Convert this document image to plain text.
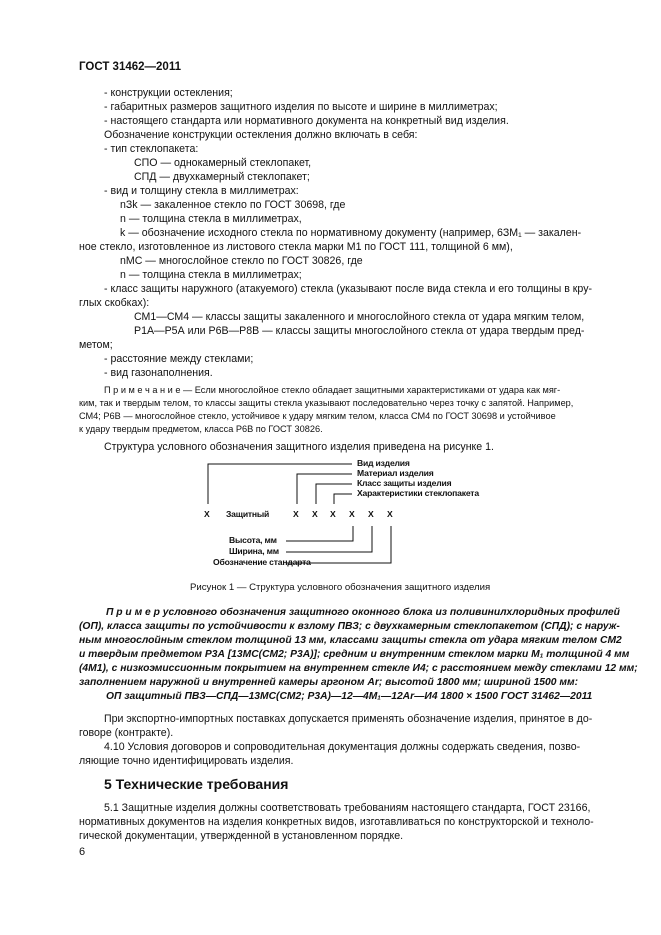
ГОСТ 31462—2011
- конструкции остекления;
- габаритных размеров защитного изделия по высоте и ширине в миллиметрах;
- настоящего стандарта или нормативного документа на конкретный вид изделия.
Обозначение конструкции остекления должно включать в себя:
- тип стеклопакета:
СПО — однокамерный стеклопакет,
СПД — двухкамерный стеклопакет;
- вид и толщину стекла в миллиметрах:
nЗk — закаленное стекло по ГОСТ 30698, где
n — толщина стекла в миллиметрах,
k — обозначение исходного стекла по нормативному документу (например, 6ЗМ₁ — закален-
ное стекло, изготовленное из листового стекла марки М1 по ГОСТ 111, толщиной 6 мм),
nМС — многослойное стекло по ГОСТ 30826, где
n — толщина стекла в миллиметрах;
- класс защиты наружного (атакуемого) стекла (указывают после вида стекла и его толщины в кру-
глых скобках):
СМ1—СМ4 — классы защиты закаленного и многослойного стекла от удара мягким телом,
Р1А—Р5А или Р6В—Р8В — классы защиты многослойного стекла от удара твердым пред-
метом;
- расстояние между стеклами;
- вид газонаполнения.
П р и м е ч а н и е — Если многослойное стекло обладает защитными характеристиками от удара как мяг-
ким, так и твердым телом, то классы защиты стекла указывают последовательно через точку с запятой. Например,
СМ4; Р6В — многослойное стекло, устойчивое к удару мягким телом, класса СМ4 по ГОСТ 30698 и устойчивое
к удару твердым предметом, класса Р6В по ГОСТ 30826.
Структура условного обозначения защитного изделия приведена на рисунке 1.
Вид изделия
Материал изделия
Класс защиты изделия
Характеристики стеклопакета
Х Защитный	Х Х Х Х Х Х
Высота, мм
Ширина, мм
Обозначение стандарта
Рисунок 1 — Структура условного обозначения защитного изделия
П р и м е р условного обозначения защитного оконного блока из поливинилхлоридных профилей
(ОП), класса защиты по устойчивости к взлому ПВЗ; с двухкамерным стеклопакетом (СПД); с наруж-
ным многослойным стеклом толщиной 13 мм, классами защиты стекла от удара мягким телом СМ2
и твердым предметом Р3А [13МС(СМ2; Р3А)]; средним и внутренним стеклом марки М₁ толщиной 4 мм
(4М1), с низкоэмиссионным покрытием на внутреннем стекле И4; с расстоянием между стеклами 12 мм;
заполнением наружной и внутренней камеры аргоном Ar; высотой 1800 мм; шириной 1500 мм:
ОП защитный ПВЗ—СПД—13МС(СМ2; Р3А)—12—4М₁—12Ar—И4 1800 × 1500 ГОСТ 31462—2011
При экспортно-импортных поставках допускается применять обозначение изделия, принятое в до-
говоре (контракте).
4.10 Условия договоров и сопроводительная документация должны содержать сведения, позво-
ляющие точно идентифицировать изделия.
5 Технические требования
5.1 Защитные изделия должны соответствовать требованиям настоящего стандарта, ГОСТ 23166,
нормативных документов на изделия конкретных видов, изготавливаться по конструкторской и техноло-
гической документации, утвержденной в установленном порядке.
6
